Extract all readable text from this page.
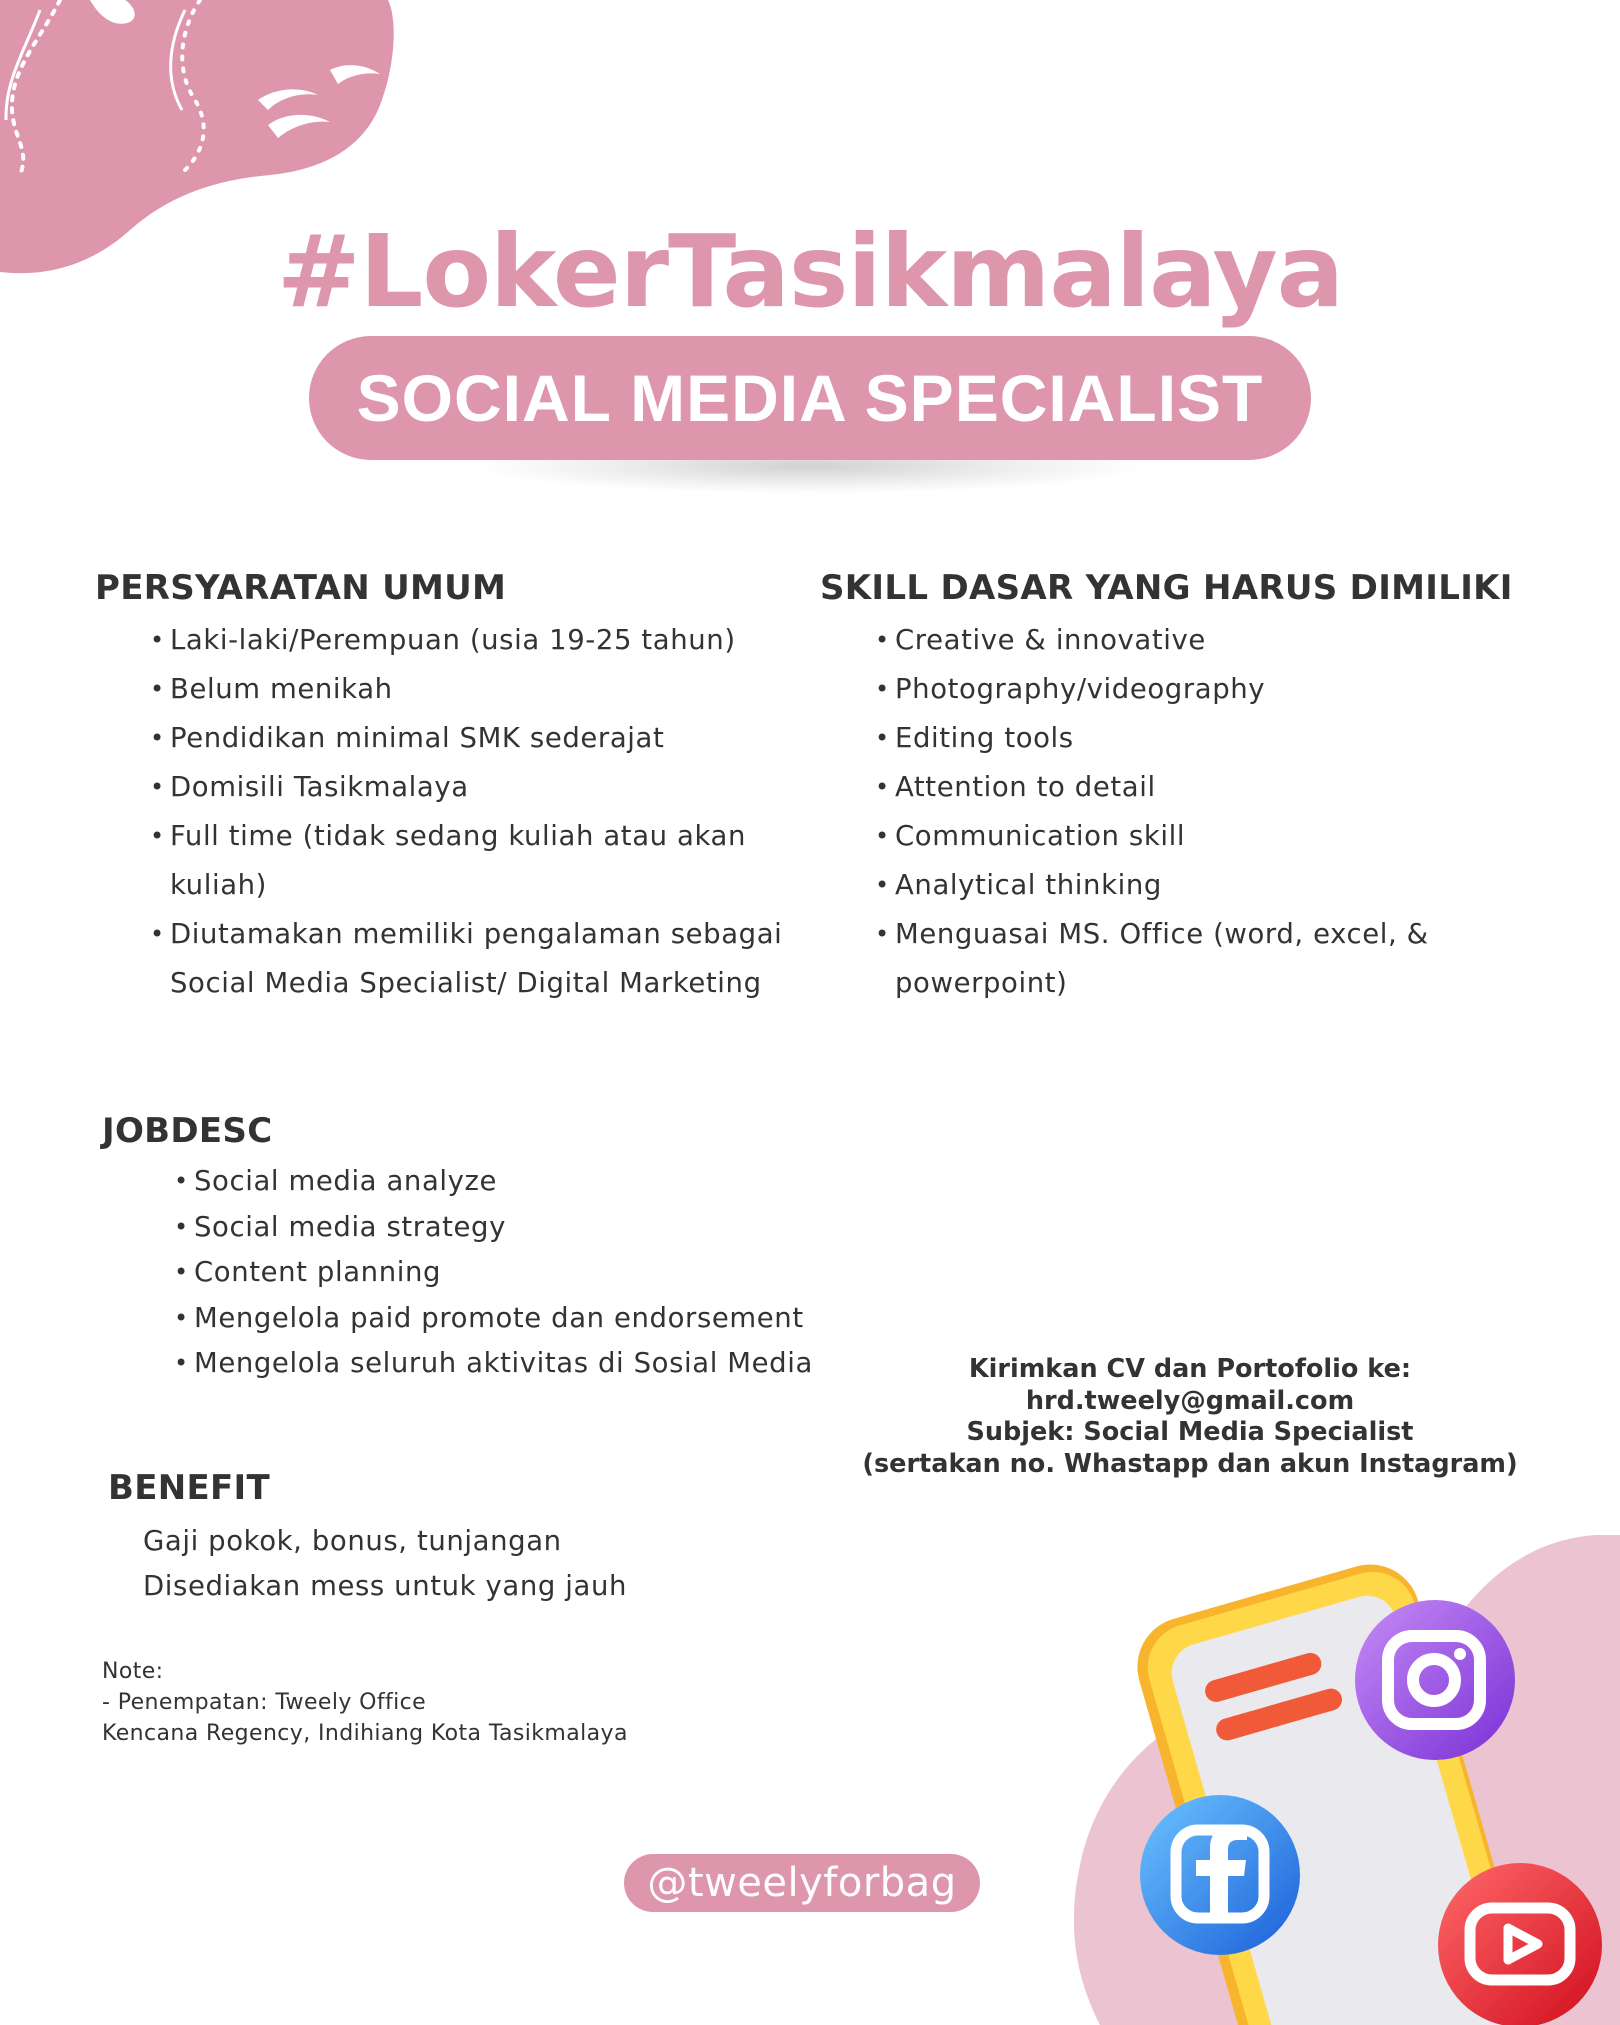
#LokerTasikmalaya
SOCIAL MEDIA SPECIALIST
PERSYARATAN UMUM
• Laki-laki/Perempuan (usia 19-25 tahun)
• Belum menikah
• Pendidikan minimal SMK sederajat
• Domisili Tasikmalaya
• Full time (tidak sedang kuliah atau akan kuliah)
• Diutamakan memiliki pengalaman sebagai Social Media Specialist/ Digital Marketing
SKILL DASAR YANG HARUS DIMILIKI
• Creative & innovative
• Photography/videography
• Editing tools
• Attention to detail
• Communication skill
• Analytical thinking
• Menguasai MS. Office (word, excel, & powerpoint)
JOBDESC
• Social media analyze
• Social media strategy
• Content planning
• Mengelola paid promote dan endorsement
• Mengelola seluruh aktivitas di Sosial Media
BENEFIT
Gaji pokok, bonus, tunjangan
Disediakan mess untuk yang jauh
Note:
- Penempatan: Tweely Office
Kencana Regency, Indihiang Kota Tasikmalaya
Kirimkan CV dan Portofolio ke:
hrd.tweely@gmail.com
Subjek: Social Media Specialist
(sertakan no. Whastapp dan akun Instagram)
@tweelyforbag
